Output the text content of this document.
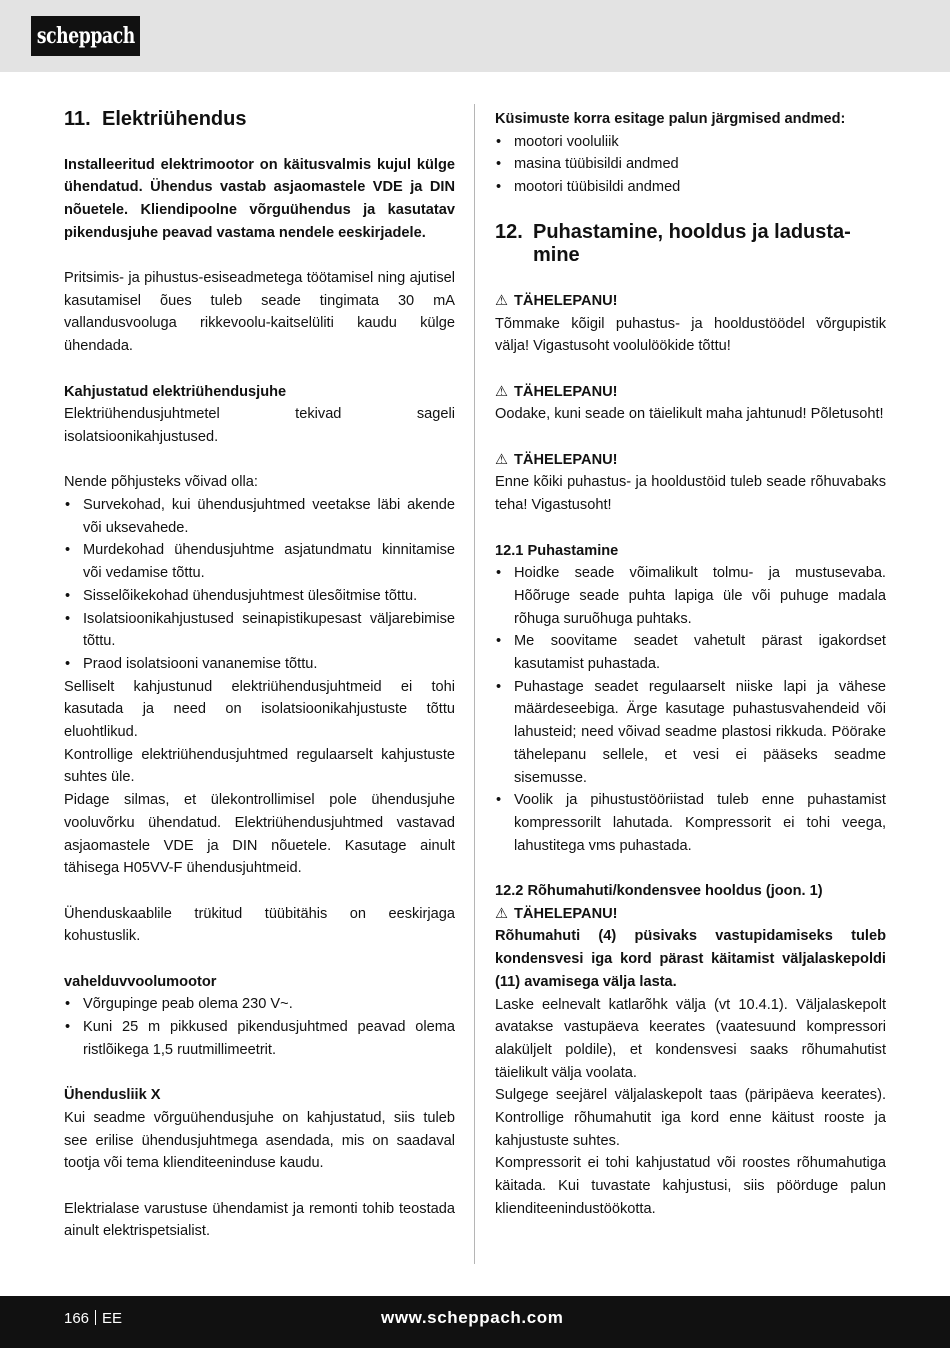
scheppach
11. Elektriühendus

Installeeritud elektrimootor on käitusvalmis kujul külge ühendatud. Ühendus vastab asjaomastele VDE ja DIN nõuetele. Kliendipoolne võrguühendus ja kasutatav pikendusjuhe peavad vastama nendele eeskirjadele.

Pritsimis- ja pihustus-esiseadmetega töötamisel ning ajutisel kasutamisel õues tuleb seade tingimata 30 mA vallandusvooluga rikkevoolu-kaitselüliti kaudu külge ühendada.

Kahjustatud elektriühendusjuhe

Elektriühendusjuhtmetel tekivad sageli isolatsioonikahjustused.

Nende põhjusteks võivad olla:

• Survekohad, kui ühendusjuhtmed veetakse läbi akende või uksevahede.
• Murdekohad ühendusjuhtme asjatundmatu kinnitamise või vedamise tõttu.
• Sisselõikekohad ühendusjuhtmest ülesõitmise tõttu.
• Isolatsioonikahjustused seinapistikupesast väljarebimise tõttu.
• Praod isolatsiooni vananemise tõttu.

Selliselt kahjustunud elektriühendusjuhtmeid ei tohi kasutada ja need on isolatsioonikahjustuste tõttu eluohtlikud.

Kontrollige elektriühendusjuhtmed regulaarselt kahjustuste suhtes üle.

Pidage silmas, et ülekontrollimisel pole ühendusjuhe vooluvõrku ühendatud. Elektriühendusjuhtmed vastavad asjaomastele VDE ja DIN nõuetele. Kasutage ainult tähisega H05VV-F ühendusjuhtmeid.

Ühenduskaablile trükitud tüübitähis on eeskirjaga kohustuslik.

vahelduvvoolumootor

• Võrgupinge peab olema 230 V~.
• Kuni 25 m pikkused pikendusjuhtmed peavad olema ristlõikega 1,5 ruutmillimeetrit.

Ühendusliik X

Kui seadme võrguühendusjuhe on kahjustatud, siis tuleb see erilise ühendusjuhtmega asendada, mis on saadaval tootja või tema klienditeeninduse kaudu.

Elektrialase varustuse ühendamist ja remonti tohib teostada ainult elektrispetsialist.

Küsimuste korra esitage palun järgmised andmed:

• mootori vooluliik
• masina tüübisildi andmed
• mootori tüübisildi andmed
12. Puhastamine, hooldus ja ladusta-
mine

⚠ TÄHELEPANU!

Tõmmake kõigil puhastus- ja hooldustöödel võrgupistik välja! Vigastusoht voolulöökide tõttu!

⚠ TÄHELEPANU!

Oodake, kuni seade on täielikult maha jahtunud! Põletusoht!

⚠ TÄHELEPANU!

Enne kõiki puhastus- ja hooldustöid tuleb seade rõhuvabaks teha! Vigastusoht!

12.1 Puhastamine

• Hoidke seade võimalikult tolmu- ja mustusevaba. Hõõruge seade puhta lapiga üle või puhuge madala rõhuga suruõhuga puhtaks.
• Me soovitame seadet vahetult pärast igakordset kasutamist puhastada.
• Puhastage seadet regulaarselt niiske lapi ja vähese määrdeseebiga. Ärge kasutage puhastusvahendeid või lahusteid; need võivad seadme plastosi rikkuda. Pöörake tähelepanu sellele, et vesi ei pääseks seadme sisemusse.
• Voolik ja pihustustööriistad tuleb enne puhastamist kompressorilt lahutada. Kompressorit ei tohi veega, lahustitega vms puhastada.

12.2 Rõhumahuti/kondensvee hooldus (joon. 1)

⚠ TÄHELEPANU!

Rõhumahuti (4) püsivaks vastupidamiseks tuleb kondensvesi iga kord pärast käitamist väljalaskepoldi (11) avamisega välja lasta.

Laske eelnevalt katlarõhk välja (vt 10.4.1). Väljalaskepolt avatakse vastupäeva keerates (vaatesuund kompressori alaküljelt poldile), et kondensvesi saaks rõhumahutist täielikult välja voolata.

Sulgege seejärel väljalaskepolt taas (päripäeva keerates). Kontrollige rõhumahutit iga kord enne käitust rooste ja kahjustuste suhtes.

Kompressorit ei tohi kahjustatud või roostes rõhumahutiga käitada. Kui tuvastate kahjustusi, siis pöörduge palun klienditeenindustöökotta.

166 EE	www.scheppach.com
